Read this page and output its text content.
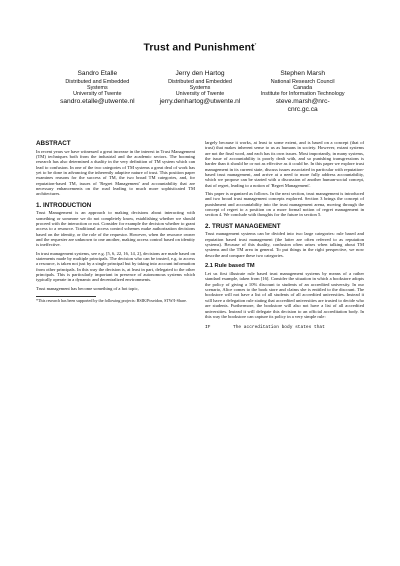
Trust and Punishment*
Sandro Etalle
Distributed and Embedded
Systems
University of Twente
sandro.etalle@utwente.nl
Jerry den Hartog
Distributed and Embedded
Systems
University of Twente
jerry.denhartog@utwente.nl
Stephen Marsh
National Research Council
Canada
Institute for Information Technology
steve.marsh@nrc-
cnrc.gc.ca
ABSTRACT

In recent years we have witnessed a great increase in the interest in Trust Management (TM) techniques both from the industrial and the academic sectors. The booming research has also determined a duality in the very definition of TM system which can lead to confusion. In one of the two categories of TM systems a great deal of work has yet to be done in advancing the inherently adaptive nature of trust. This position paper examines reasons for the success of TM, the two broad TM categories, and, for reputation-based TM, issues of 'Regret Management' and accountability that are necessary enhancements on the road leading to much more sophisticated TM architectures.

1. INTRODUCTION

Trust Management is an approach to making decisions about interacting with something or someone we do not completely know, establishing whether we should proceed with the interaction or not. Consider for example the decision whether to grant access to a resource. Traditional access control schemes make authorization decisions based on the identity, or the role of the requestor. However, when the resource owner and the requester are unknown to one another, making access control based on identity is ineffective.

In trust management systems, see e.g. [5, 6, 22, 16, 14, 2], decisions are made based on statements made by multiple principals. The decision who can be trusted, e.g. to access a resource, is taken not just by a single principal but by taking into account information from other principals. In this way the decision is, at least in part, delegated to the other principals. This is particularly important in presence of autonomous systems which typically operate in a dynamic and decentralized environments.

Trust management has become something of a hot topic,

*This research has been supported by the following projects: BSIK/Poseidon, STW/I-Share.

largely because it works, at least to some extent, and is based on a concept (that of trust) that makes inherent sense to us as humans in society. However, extant systems are not the final word, and each has its own issues. Most importantly, in many systems, the issue of accountability is poorly dealt with, and so punishing transgressions is harder than it should be or not as effective as it could be. In this paper we explore trust management in its current state, discuss issues associated in particular with reputation-based trust management, and arrive at a need to more fully address accountability, which we propose can be started with a discussion of another human-social concept, that of regret, leading to a notion of 'Regret Management'.

This paper is organized as follows. In the next section, trust management is introduced and two broad trust management concepts explored. Section 3 brings the concept of punishment and accountability into the trust management arena, moving through the concept of regret to a position on a more formal notion of regret management in section 4. We conclude with thoughts for the future in section 5.

2. TRUST MANAGEMENT

Trust management systems can be divided into two large categories: rule based and reputation based trust management (the latter are often referred to as reputation systems). Because of this duality, confusion often arises when talking about TM systems and the TM area in general. To put things in the right perspective, we now describe and compare these two categories.

2.1 Rule based TM

Let us first illustrate rule based trust management systems by means of a rather standard example, taken from [16]. Consider the situation in which a bookstore adopts the policy of giving a 10% discount to students of an accredited university. In our scenario, Alice comes to the book store and claims she is entitled to the discount. The bookstore will not have a list of all students of all accredited universities. Instead it will have a delegation rule stating that accredited universities are trusted to decide who are students. Furthermore, the bookstore will also not have a list of all accredited universities. Instead it will delegate this decision to an official accreditation body. In this way the bookstore can capture its policy in a very simple rule:

IF	The accreditation body states that
